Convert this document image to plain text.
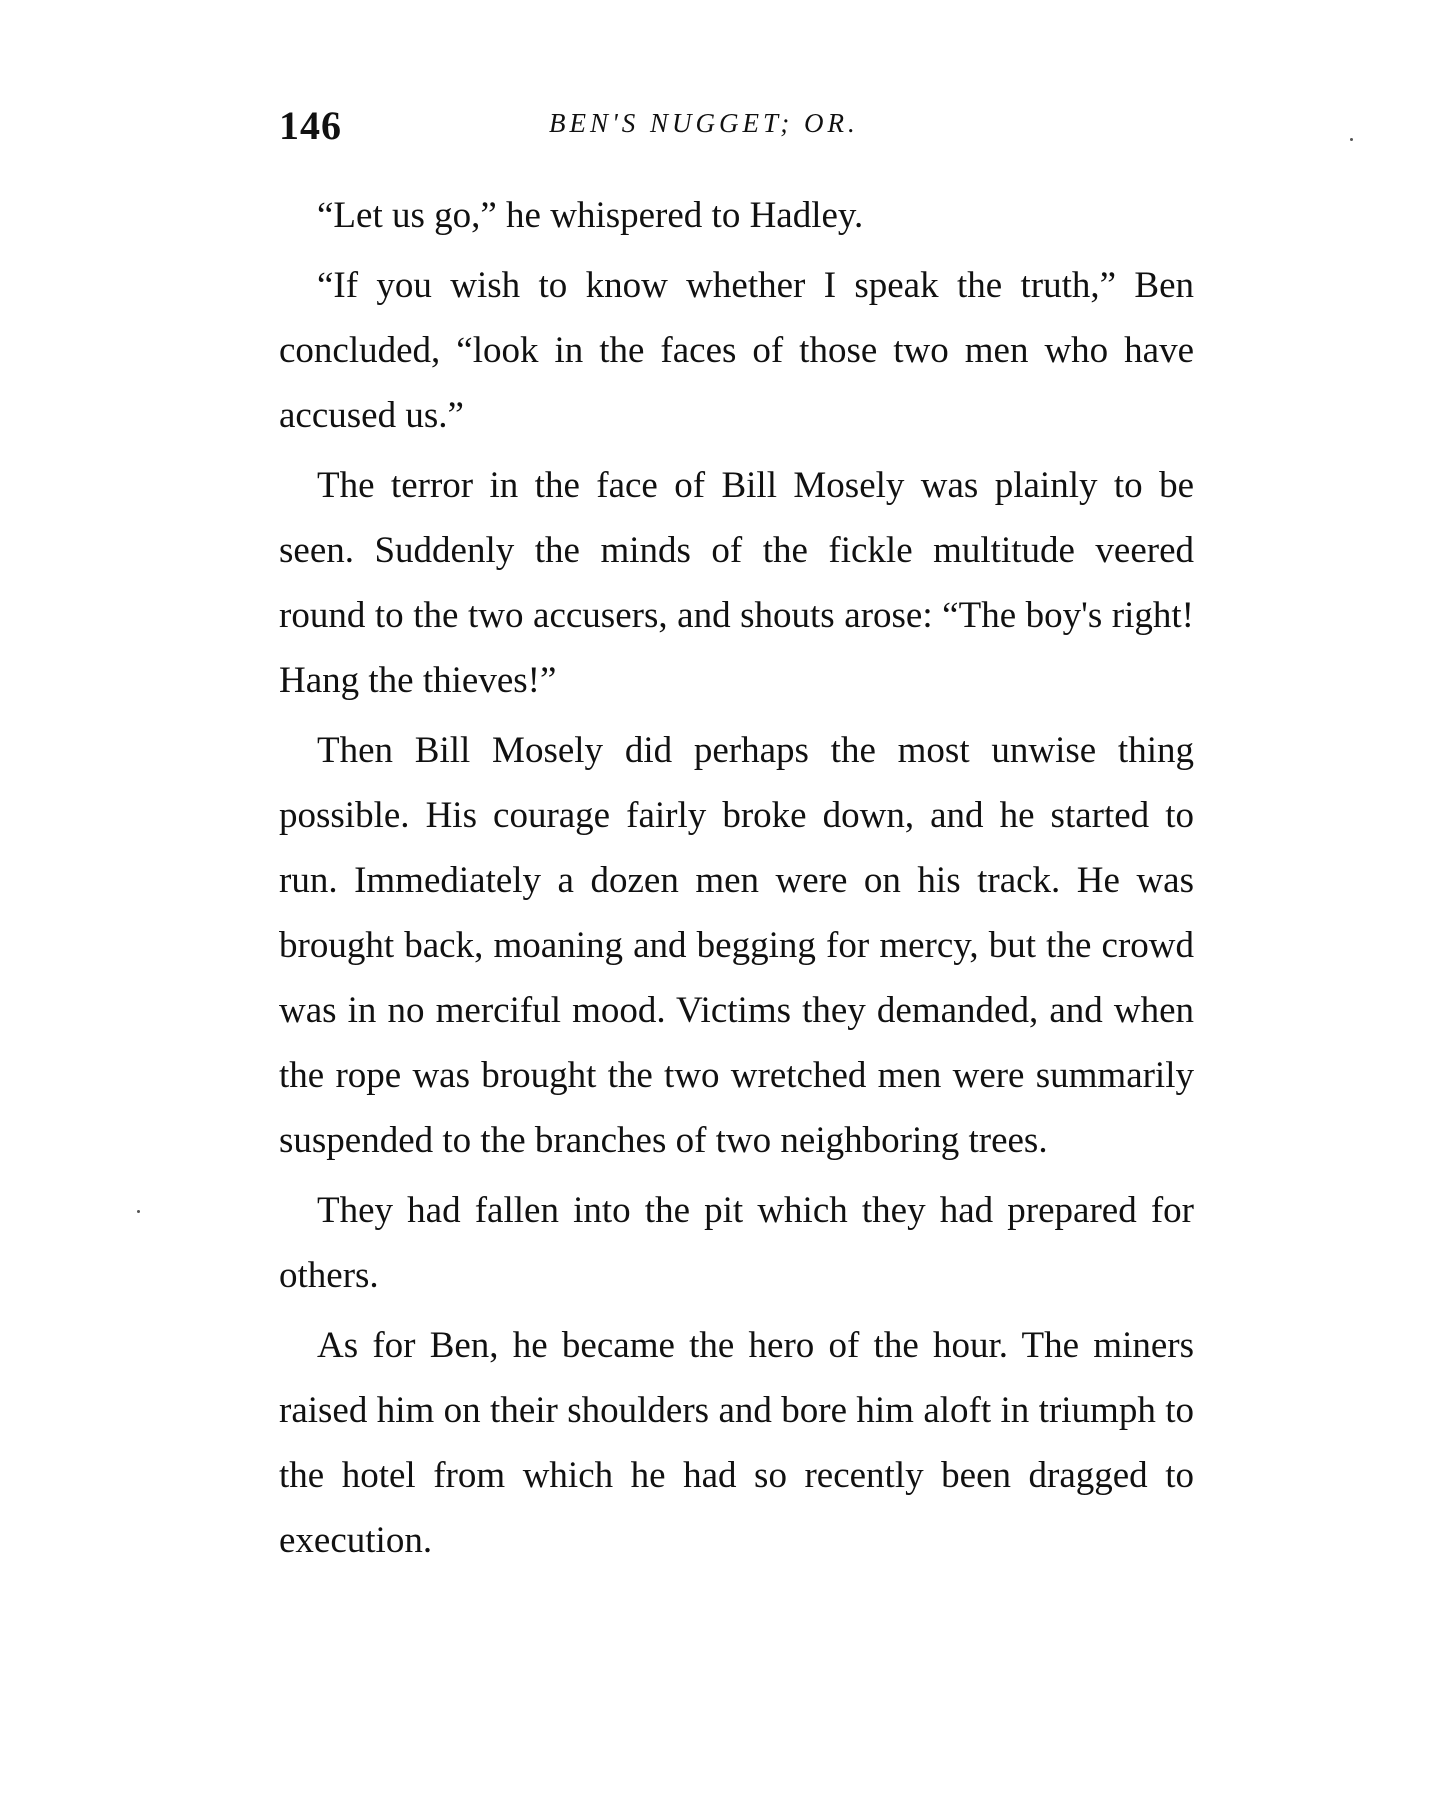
146	BEN'S NUGGET; OR.

“Let us go,” he whispered to Hadley.

“If you wish to know whether I speak the truth,” Ben concluded, “look in the faces of those two men who have accused us.”

The terror in the face of Bill Mosely was plainly to be seen. Suddenly the minds of the fickle multitude veered round to the two accusers, and shouts arose: “The boy's right! Hang the thieves!”

Then Bill Mosely did perhaps the most unwise thing possible. His courage fairly broke down, and he started to run. Immediately a dozen men were on his track. He was brought back, moaning and begging for mercy, but the crowd was in no merciful mood. Victims they demanded, and when the rope was brought the two wretched men were summarily suspended to the branches of two neighboring trees.

They had fallen into the pit which they had prepared for others.

As for Ben, he became the hero of the hour. The miners raised him on their shoulders and bore him aloft in triumph to the hotel from which he had so recently been dragged to execution.
